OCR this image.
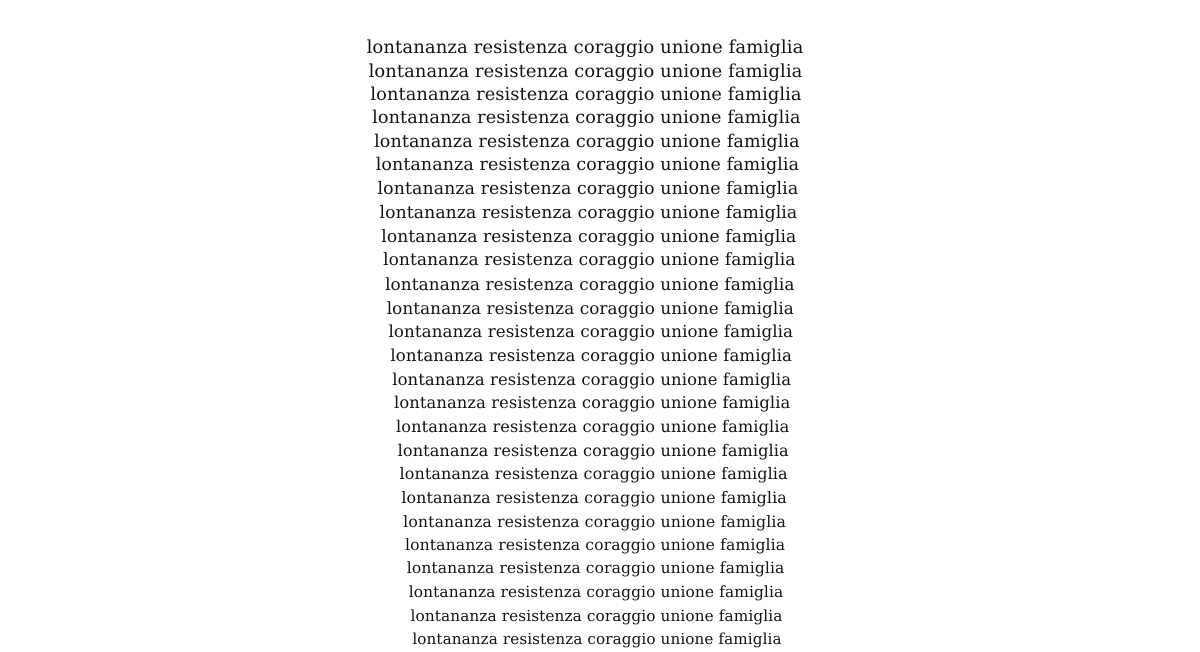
lontananza resistenza coraggio unione famiglia
lontananza resistenza coraggio unione famiglia
lontananza resistenza coraggio unione famiglia
lontananza resistenza coraggio unione famiglia
lontananza resistenza coraggio unione famiglia
lontananza resistenza coraggio unione famiglia
lontananza resistenza coraggio unione famiglia
lontananza resistenza coraggio unione famiglia
lontananza resistenza coraggio unione famiglia
lontananza resistenza coraggio unione famiglia
lontananza resistenza coraggio unione famiglia
lontananza resistenza coraggio unione famiglia
lontananza resistenza coraggio unione famiglia
lontananza resistenza coraggio unione famiglia
lontananza resistenza coraggio unione famiglia
lontananza resistenza coraggio unione famiglia
lontananza resistenza coraggio unione famiglia
lontananza resistenza coraggio unione famiglia
lontananza resistenza coraggio unione famiglia
lontananza resistenza coraggio unione famiglia
lontananza resistenza coraggio unione famiglia
lontananza resistenza coraggio unione famiglia
lontananza resistenza coraggio unione famiglia
lontananza resistenza coraggio unione famiglia
lontananza resistenza coraggio unione famiglia
lontananza resistenza coraggio unione famiglia
